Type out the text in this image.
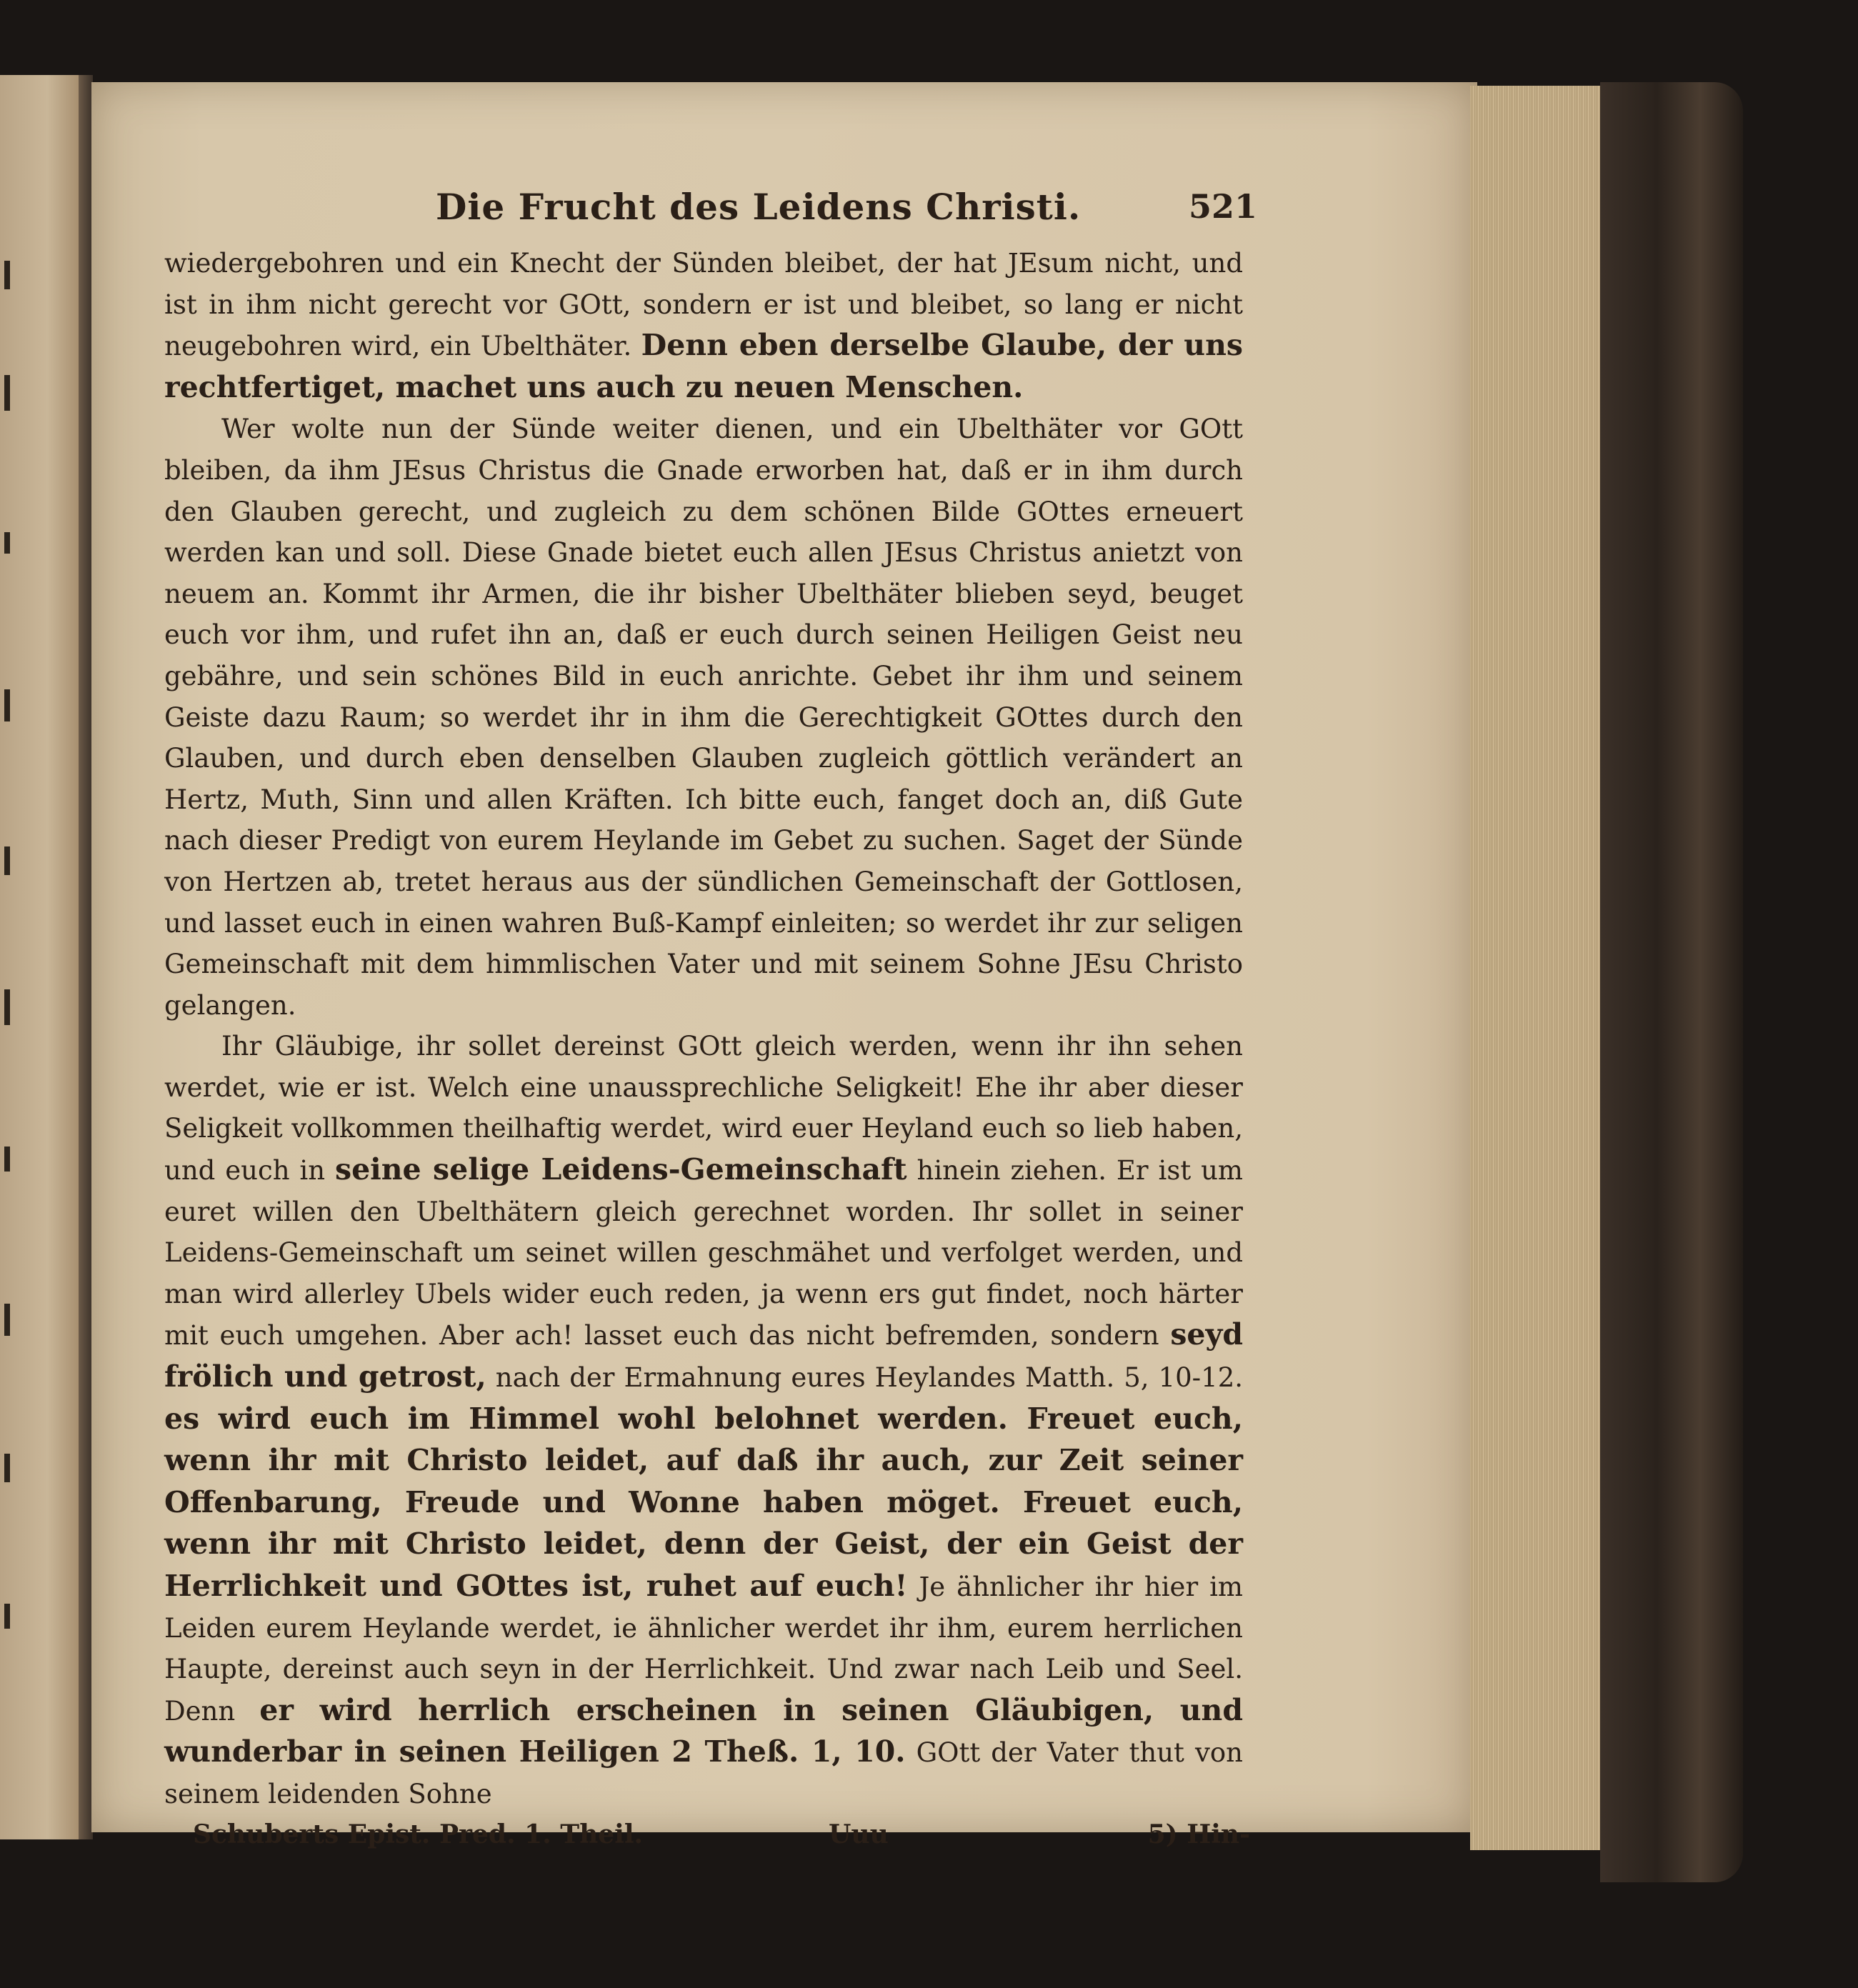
Die Frucht des Leidens Christi.	521

wiedergebohren und ein Knecht der Sünden bleibet, der hat JEsum nicht, und ist in ihm nicht gerecht vor GOtt, sondern er ist und bleibet, so lang er nicht neugebohren wird, ein Ubelthäter. Denn eben derselbe Glaube, der uns rechtfertiget, machet uns auch zu neuen Menschen.

Wer wolte nun der Sünde weiter dienen, und ein Ubelthäter vor GOtt bleiben, da ihm JEsus Christus die Gnade erworben hat, daß er in ihm durch den Glauben gerecht, und zugleich zu dem schönen Bilde GOttes erneuert werden kan und soll. Diese Gnade bietet euch allen JEsus Christus anietzt von neuem an. Kommt ihr Armen, die ihr bisher Ubelthäter blieben seyd, beuget euch vor ihm, und rufet ihn an, daß er euch durch seinen Heiligen Geist neu gebähre, und sein schönes Bild in euch anrichte. Gebet ihr ihm und seinem Geiste dazu Raum; so werdet ihr in ihm die Gerechtigkeit GOttes durch den Glauben, und durch eben denselben Glauben zugleich göttlich verändert an Hertz, Muth, Sinn und allen Kräften. Ich bitte euch, fanget doch an, diß Gute nach dieser Predigt von eurem Heylande im Gebet zu suchen. Saget der Sünde von Hertzen ab, tretet heraus aus der sündlichen Gemeinschaft der Gottlosen, und lasset euch in einen wahren Buß-Kampf einleiten; so werdet ihr zur seligen Gemeinschaft mit dem himmlischen Vater und mit seinem Sohne JEsu Christo gelangen.

Ihr Gläubige, ihr sollet dereinst GOtt gleich werden, wenn ihr ihn sehen werdet, wie er ist. Welch eine unaussprechliche Seligkeit! Ehe ihr aber dieser Seligkeit vollkommen theilhaftig werdet, wird euer Heyland euch so lieb haben, und euch in seine selige Leidens-Gemeinschaft hinein ziehen. Er ist um euret willen den Ubelthätern gleich gerechnet worden. Ihr sollet in seiner Leidens-Gemeinschaft um seinet willen geschmähet und verfolget werden, und man wird allerley Ubels wider euch reden, ja wenn ers gut findet, noch härter mit euch umgehen. Aber ach! lasset euch das nicht befremden, sondern seyd frölich und getrost, nach der Ermahnung eures Heylandes Matth. 5, 10-12. es wird euch im Himmel wohl belohnet werden. Freuet euch, wenn ihr mit Christo leidet, auf daß ihr auch, zur Zeit seiner Offenbarung, Freude und Wonne haben möget. Freuet euch, wenn ihr mit Christo leidet, denn der Geist, der ein Geist der Herrlichkeit und GOttes ist, ruhet auf euch! Je ähnlicher ihr hier im Leiden eurem Heylande werdet, ie ähnlicher werdet ihr ihm, eurem herrlichen Haupte, dereinst auch seyn in der Herrlichkeit. Und zwar nach Leib und Seel. Denn er wird herrlich erscheinen in seinen Gläubigen, und wunderbar in seinen Heiligen 2 Theß. 1, 10. GOtt der Vater thut von seinem leidenden Sohne

Schuberts Epist. Pred. 1. Theil.	Uuu	5) Hin-
